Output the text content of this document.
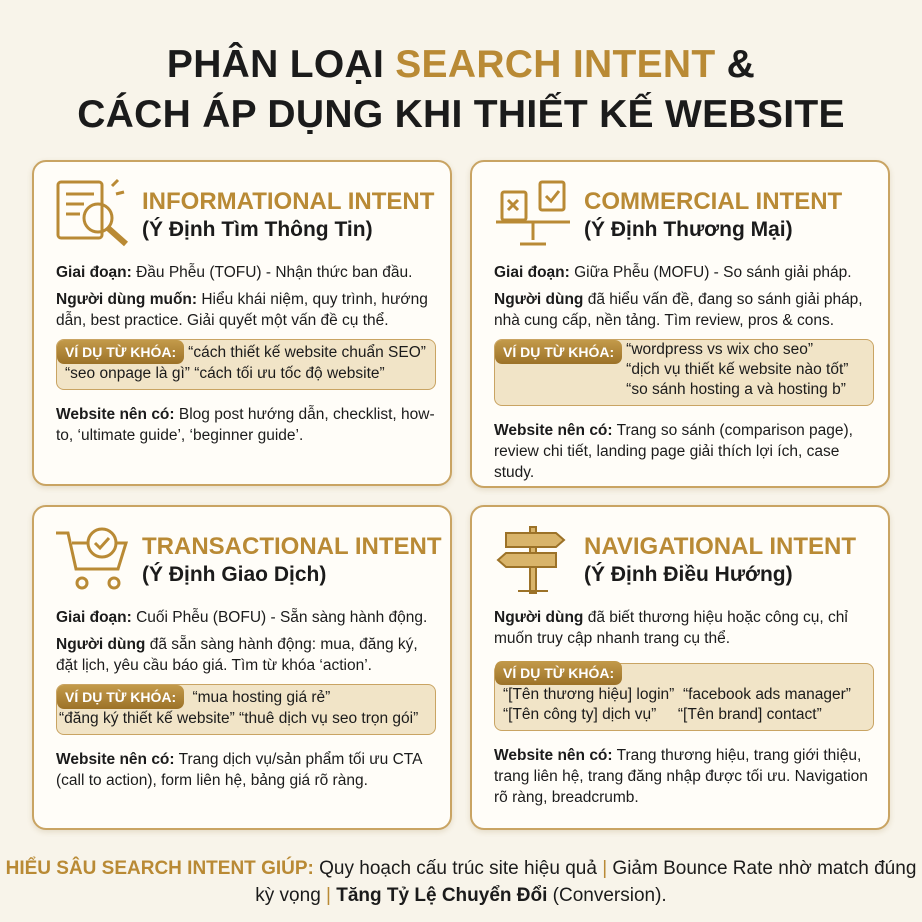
PHÂN LOẠI SEARCH INTENT &
CÁCH ÁP DỤNG KHI THIẾT KẾ WEBSITE
INFORMATIONAL INTENT
(Ý Định Tìm Thông Tin)

Giai đoạn: Đầu Phễu (TOFU) - Nhận thức ban đầu.

Người dùng muốn: Hiểu khái niệm, quy trình, hướng dẫn, best practice. Giải quyết một vấn đề cụ thể.

VÍ DỤ TỪ KHÓA: “cách thiết kế website chuẩn SEO”
“seo onpage là gì” “cách tối ưu tốc độ website”

Website nên có: Blog post hướng dẫn, checklist, how-to, ‘ultimate guide’, ‘beginner guide’.

COMMERCIAL INTENT
(Ý Định Thương Mại)

Giai đoạn: Giữa Phễu (MOFU) - So sánh giải pháp.

Người dùng đã hiểu vấn đề, đang so sánh giải pháp, nhà cung cấp, nền tảng. Tìm review, pros & cons.

VÍ DỤ TỪ KHÓA: “wordpress vs wix cho seo”
“dịch vụ thiết kế website nào tốt”
“so sánh hosting a và hosting b”

Website nên có: Trang so sánh (comparison page), review chi tiết, landing page giải thích lợi ích, case study.

TRANSACTIONAL INTENT
(Ý Định Giao Dịch)

Giai đoạn: Cuối Phễu (BOFU) - Sẵn sàng hành động.

Người dùng đã sẵn sàng hành động: mua, đăng ký, đặt lịch, yêu cầu báo giá. Tìm từ khóa ‘action’.

VÍ DỤ TỪ KHÓA: “mua hosting giá rẻ”
“đăng ký thiết kế website” “thuê dịch vụ seo trọn gói”

Website nên có: Trang dịch vụ/sản phẩm tối ưu CTA (call to action), form liên hệ, bảng giá rõ ràng.

NAVIGATIONAL INTENT
(Ý Định Điều Hướng)

Người dùng đã biết thương hiệu hoặc công cụ, chỉ muốn truy cập nhanh trang cụ thể.

VÍ DỤ TỪ KHÓA:
“[Tên thương hiệu] login”  “facebook ads manager”
“[Tên công ty] dịch vụ”     “[Tên brand] contact”

Website nên có: Trang thương hiệu, trang giới thiệu, trang liên hệ, trang đăng nhập được tối ưu. Navigation rõ ràng, breadcrumb.

HIỂU SÂU SEARCH INTENT GIÚP: Quy hoạch cấu trúc site hiệu quả | Giảm Bounce Rate nhờ match đúng kỳ vọng | Tăng Tỷ Lệ Chuyển Đổi (Conversion).
